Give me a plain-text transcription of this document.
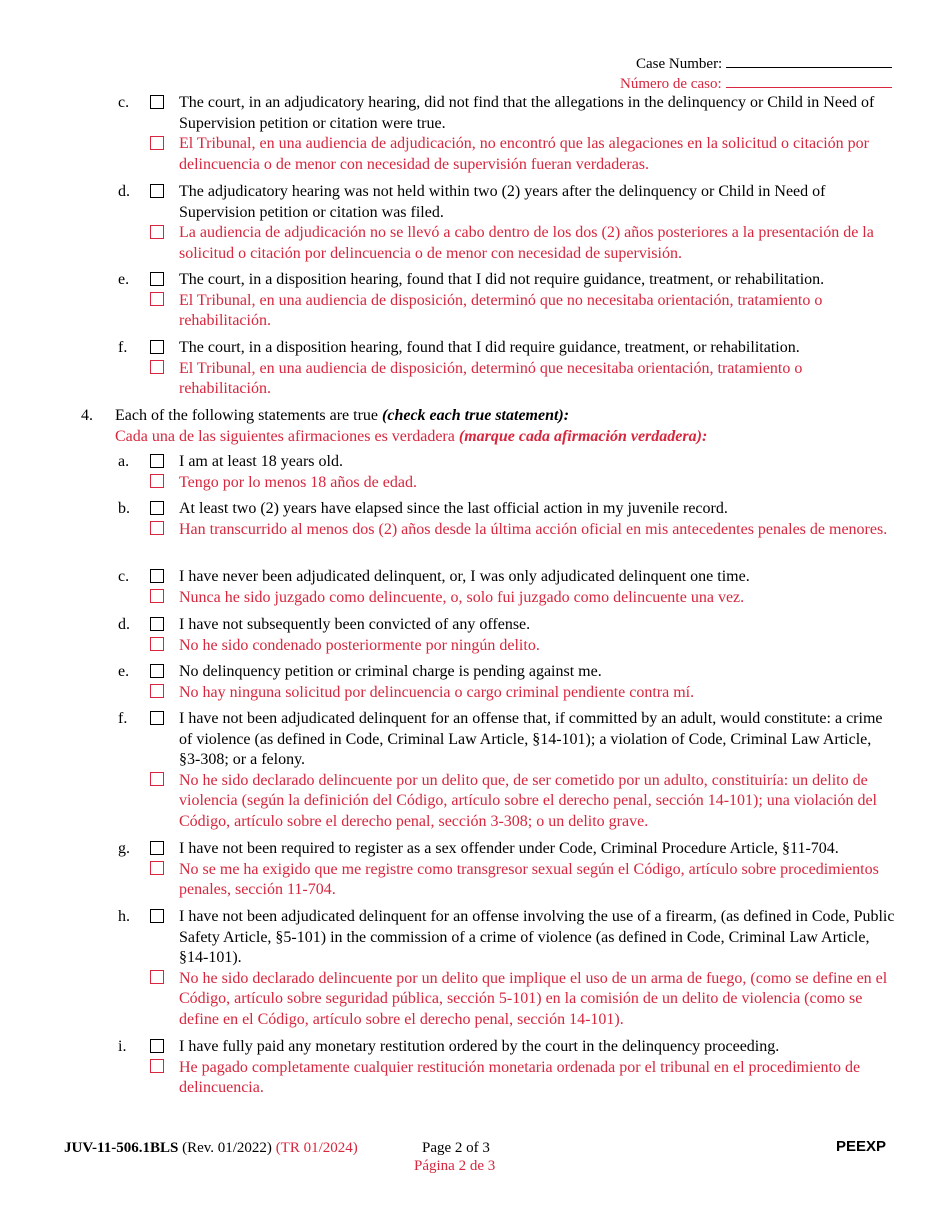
Case Number:
Número de caso:
c.	The court, in an adjudicatory hearing, did not find that the allegations in the delinquency or Child in Need of Supervision petition or citation were true.
El Tribunal, en una audiencia de adjudicación, no encontró que las alegaciones en la solicitud o citación por delincuencia o de menor con necesidad de supervisión fueran verdaderas.
d.	The adjudicatory hearing was not held within two (2) years after the delinquency or Child in Need of Supervision petition or citation was filed.
La audiencia de adjudicación no se llevó a cabo dentro de los dos (2) años posteriores a la presentación de la solicitud o citación por delincuencia o de menor con necesidad de supervisión.
e.	The court, in a disposition hearing, found that I did not require guidance, treatment, or rehabilitation.
El Tribunal, en una audiencia de disposición, determinó que no necesitaba orientación, tratamiento o rehabilitación.
f.	The court, in a disposition hearing, found that I did require guidance, treatment, or rehabilitation.
El Tribunal, en una audiencia de disposición, determinó que necesitaba orientación, tratamiento o rehabilitación.
4. Each of the following statements are true (check each true statement):
Cada una de las siguientes afirmaciones es verdadera (marque cada afirmación verdadera):
a.	I am at least 18 years old.
Tengo por lo menos 18 años de edad.
b.	At least two (2) years have elapsed since the last official action in my juvenile record.
Han transcurrido al menos dos (2) años desde la última acción oficial en mis antecedentes penales de menores.
c.	I have never been adjudicated delinquent, or, I was only adjudicated delinquent one time.
Nunca he sido juzgado como delincuente, o, solo fui juzgado como delincuente una vez.
d.	I have not subsequently been convicted of any offense.
No he sido condenado posteriormente por ningún delito.
e.	No delinquency petition or criminal charge is pending against me.
No hay ninguna solicitud por delincuencia o cargo criminal pendiente contra mí.
f.	I have not been adjudicated delinquent for an offense that, if committed by an adult, would constitute: a crime of violence (as defined in Code, Criminal Law Article, §14-101); a violation of Code, Criminal Law Article, §3-308; or a felony.
No he sido declarado delincuente por un delito que, de ser cometido por un adulto, constituiría: un delito de violencia (según la definición del Código, artículo sobre el derecho penal, sección 14-101); una violación del Código, artículo sobre el derecho penal, sección 3-308; o un delito grave.
g.	I have not been required to register as a sex offender under Code, Criminal Procedure Article, §11-704.
No se me ha exigido que me registre como transgresor sexual según el Código, artículo sobre procedimientos penales, sección 11-704.
h.	I have not been adjudicated delinquent for an offense involving the use of a firearm, (as defined in Code, Public Safety Article, §5-101) in the commission of a crime of violence (as defined in Code, Criminal Law Article, §14-101).
No he sido declarado delincuente por un delito que implique el uso de un arma de fuego, (como se define en el Código, artículo sobre seguridad pública, sección 5-101) en la comisión de un delito de violencia (como se define en el Código, artículo sobre el derecho penal, sección 14-101).
i.	I have fully paid any monetary restitution ordered by the court in the delinquency proceeding.
He pagado completamente cualquier restitución monetaria ordenada por el tribunal en el procedimiento de delincuencia.
JUV-11-506.1BLS (Rev. 01/2022) (TR 01/2024)	Page 2 of 3
Página 2 de 3
PEEXP
